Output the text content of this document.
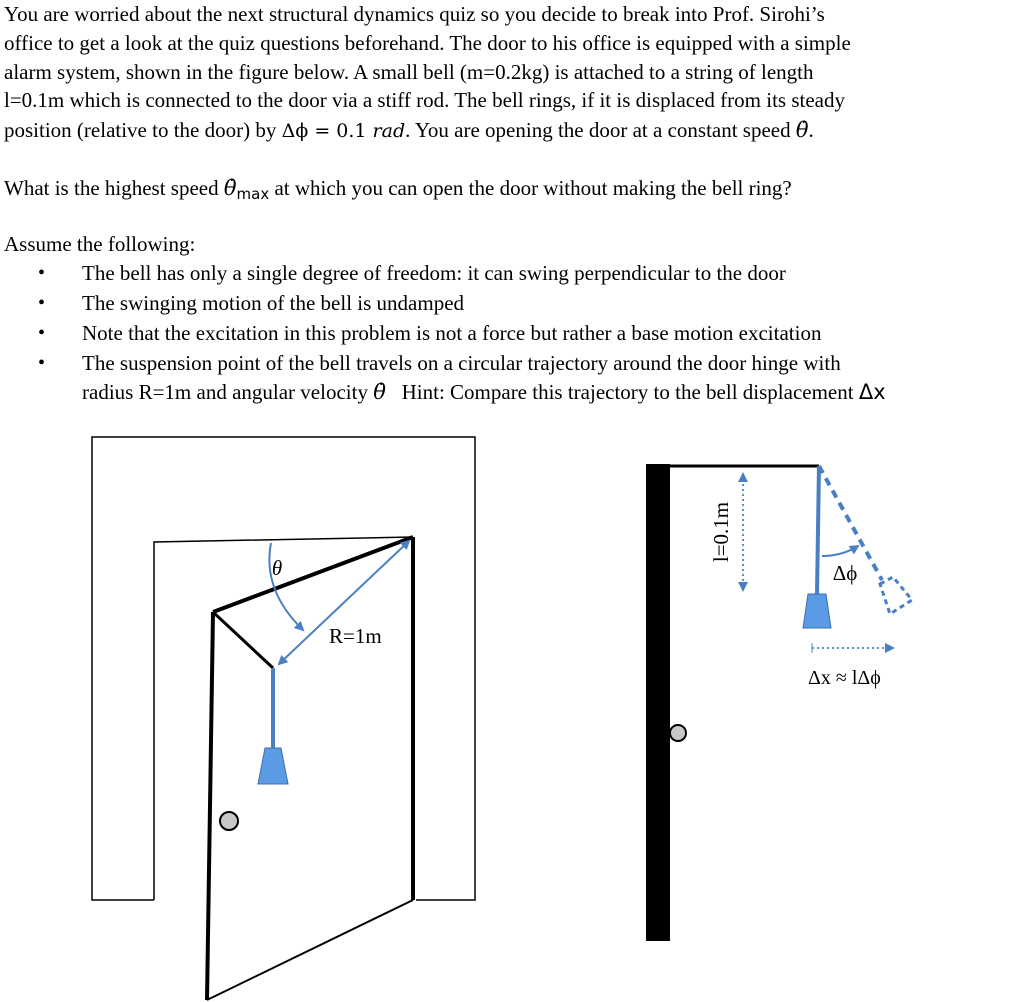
You are worried about the next structural dynamics quiz so you decide to break into Prof. Sirohi’s

office to get a look at the quiz questions beforehand. The door to his office is equipped with a simple

alarm system, shown in the figure below. A small bell (m=0.2kg) is attached to a string of length

l=0.1m which is connected to the door via a stiff rod. The bell rings, if it is displaced from its steady

position (relative to the door) by Δϕ = 0.1 rad. You are opening the door at a constant speed θ̇.

What is the highest speed $\thetȧ_{max}$ at which you can open the door without making the bell ring?

Assume the following:

• The bell has only a single degree of freedom: it can swing perpendicular to the door
• The swinging motion of the bell is undamped
• Note that the excitation in this problem is not a force but rather a base motion excitation
• The suspension point of the bell travels on a circular trajectory around the door hinge with

radius R=1m and angular velocity θ̇   Hint: Compare this trajectory to the bell displacement Δx

θ
R=1m
l=0.1m
Δϕ
Δx ≈ lΔϕ
